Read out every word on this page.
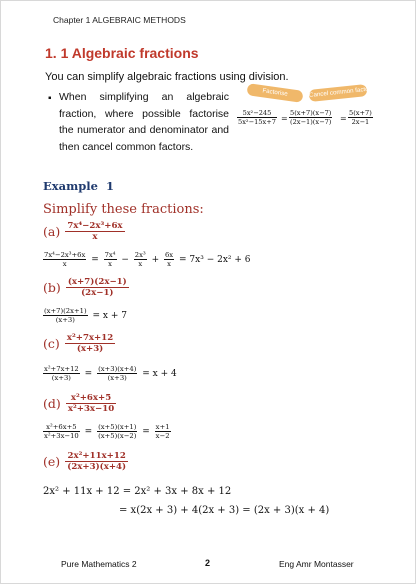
Chapter 1 ALGEBRAIC METHODS
1. 1 Algebraic fractions
You can simplify algebraic fractions using division.
▪ When simplifying an algebraic fraction, where possible factorise the numerator and denominator and then cancel common factors.
Factorise	Cancel common factor
$\frac{\text{5x²−245}}{\text{5x²−15x+7}} = \frac{5(x+7)(x-7)}{(2x-1)(x-7)} = \frac{5(x+7)}{2x-1}$
Example 1
Simplify these fractions:
$(a) \frac{\text{7x⁴−2x³+6x}}{x}$
$\frac{\text{7x⁴−2x³+6x}}{x} = \frac{\text{7x⁴}}{x} - \frac{\text{2x³}}{x} + \frac{6x}{x} = 7x^3 - 2x^2 + 6$
$(b) \frac{(x+7)(2x-1)}{(2x-1)}$
$\frac{(x+7)(2x+1)}{(x+3)} = x + 7$
$(c) \frac{\text{x²+7x+12}}{(x+3)}$
$\frac{\text{x²+7x+12}}{(x+3)} = \frac{(x+3)(x+4)}{(x+3)} = x + 4$
$(d) \frac{\text{x²+6x+5}}{\text{x²+3x−10}}$
$\frac{\text{x²+6x+5}}{\text{x²+3x−10}} = \frac{(x+5)(x+1)}{(x+5)(x-2)} = \frac{x+1}{x-2}$
$(e) \frac{\text{2x²+11x+12}}{(2x+3)(x+4)}$
2x² + 11x + 12 = 2x² + 3x + 8x + 12
= x(2x + 3) + 4(2x + 3) = (2x + 3)(x + 4)
Pure Mathematics 2	2	Eng Amr Montasser
